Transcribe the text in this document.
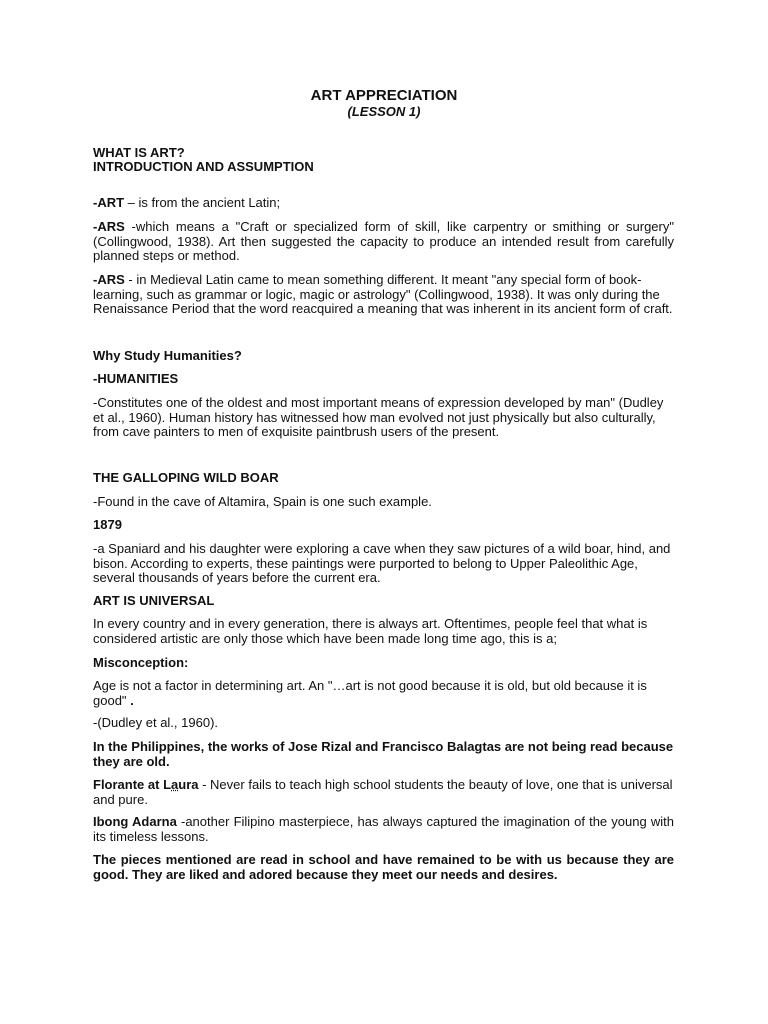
ART APPRECIATION

(LESSON 1)

WHAT IS ART?

INTRODUCTION AND ASSUMPTION

-ART – is from the ancient Latin;

-ARS -which means a "Craft or specialized form of skill, like carpentry or smithing or surgery" (Collingwood, 1938). Art then suggested the capacity to produce an intended result from carefully planned steps or method.

-ARS - in Medieval Latin came to mean something different. It meant "any special form of book-learning, such as grammar or logic, magic or astrology" (Collingwood, 1938). It was only during the Renaissance Period that the word reacquired a meaning that was inherent in its ancient form of craft.

Why Study Humanities?

-HUMANITIES

-Constitutes one of the oldest and most important means of expression developed by man" (Dudley et al., 1960). Human history has witnessed how man evolved not just physically but also culturally, from cave painters to men of exquisite paintbrush users of the present.

THE GALLOPING WILD BOAR

-Found in the cave of Altamira, Spain is one such example.

1879

-a Spaniard and his daughter were exploring a cave when they saw pictures of a wild boar, hind, and bison. According to experts, these paintings were purported to belong to Upper Paleolithic Age, several thousands of years before the current era.

ART IS UNIVERSAL

In every country and in every generation, there is always art. Oftentimes, people feel that what is considered artistic are only those which have been made long time ago, this is a;

Misconception:

Age is not a factor in determining art. An "…art is not good because it is old, but old because it is good" .

-(Dudley et al., 1960).

In the Philippines, the works of Jose Rizal and Francisco Balagtas are not being read because they are old.

Florante at Laura - Never fails to teach high school students the beauty of love, one that is universal and pure.

Ibong Adarna -another Filipino masterpiece, has always captured the imagination of the young with its timeless lessons.

The pieces mentioned are read in school and have remained to be with us because they are good. They are liked and adored because they meet our needs and desires.
